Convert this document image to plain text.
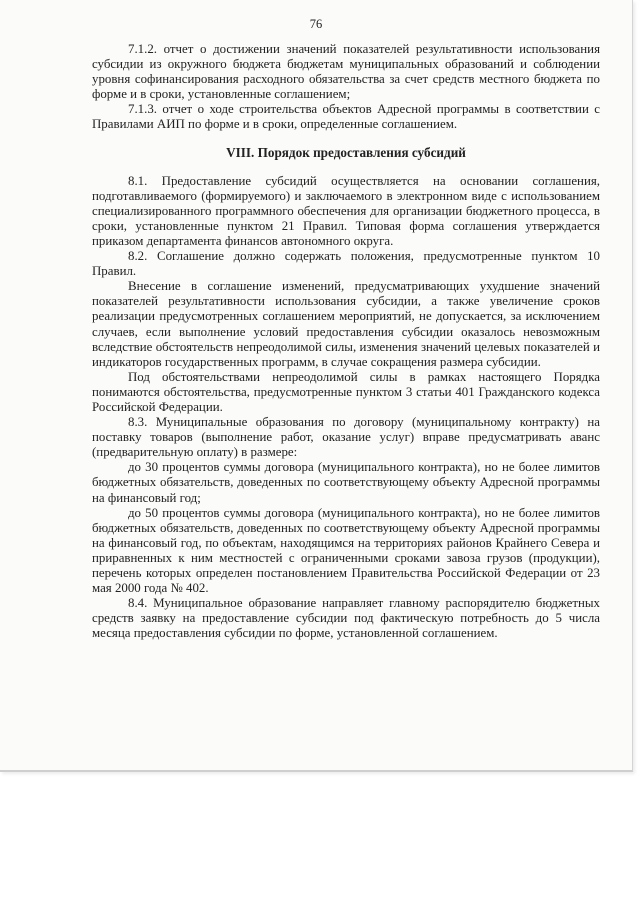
76

7.1.2. отчет о достижении значений показателей результативности использования субсидии из окружного бюджета бюджетам муниципальных образований и соблюдении уровня софинансирования расходного обязательства за счет средств местного бюджета по форме и в сроки, установленные соглашением;

7.1.3. отчет о ходе строительства объектов Адресной программы в соответствии с Правилами АИП по форме и в сроки, определенные соглашением.

VIII. Порядок предоставления субсидий

8.1. Предоставление субсидий осуществляется на основании соглашения, подготавливаемого (формируемого) и заключаемого в электронном виде с использованием специализированного программного обеспечения для организации бюджетного процесса, в сроки, установленные пунктом 21 Правил. Типовая форма соглашения утверждается приказом департамента финансов автономного округа.

8.2. Соглашение должно содержать положения, предусмотренные пунктом 10 Правил.

Внесение в соглашение изменений, предусматривающих ухудшение значений показателей результативности использования субсидии, а также увеличение сроков реализации предусмотренных соглашением мероприятий, не допускается, за исключением случаев, если выполнение условий предоставления субсидии оказалось невозможным вследствие обстоятельств непреодолимой силы, изменения значений целевых показателей и индикаторов государственных программ, в случае сокращения размера субсидии.

Под обстоятельствами непреодолимой силы в рамках настоящего Порядка понимаются обстоятельства, предусмотренные пунктом 3 статьи 401 Гражданского кодекса Российской Федерации.

8.3. Муниципальные образования по договору (муниципальному контракту) на поставку товаров (выполнение работ, оказание услуг) вправе предусматривать аванс (предварительную оплату) в размере:

до 30 процентов суммы договора (муниципального контракта), но не более лимитов бюджетных обязательств, доведенных по соответствующему объекту Адресной программы на финансовый год;

до 50 процентов суммы договора (муниципального контракта), но не более лимитов бюджетных обязательств, доведенных по соответствующему объекту Адресной программы на финансовый год, по объектам, находящимся на территориях районов Крайнего Севера и приравненных к ним местностей с ограниченными сроками завоза грузов (продукции), перечень которых определен постановлением Правительства Российской Федерации от 23 мая 2000 года № 402.

8.4. Муниципальное образование направляет главному распорядителю бюджетных средств заявку на предоставление субсидии под фактическую потребность до 5 числа месяца предоставления субсидии по форме, установленной соглашением.
